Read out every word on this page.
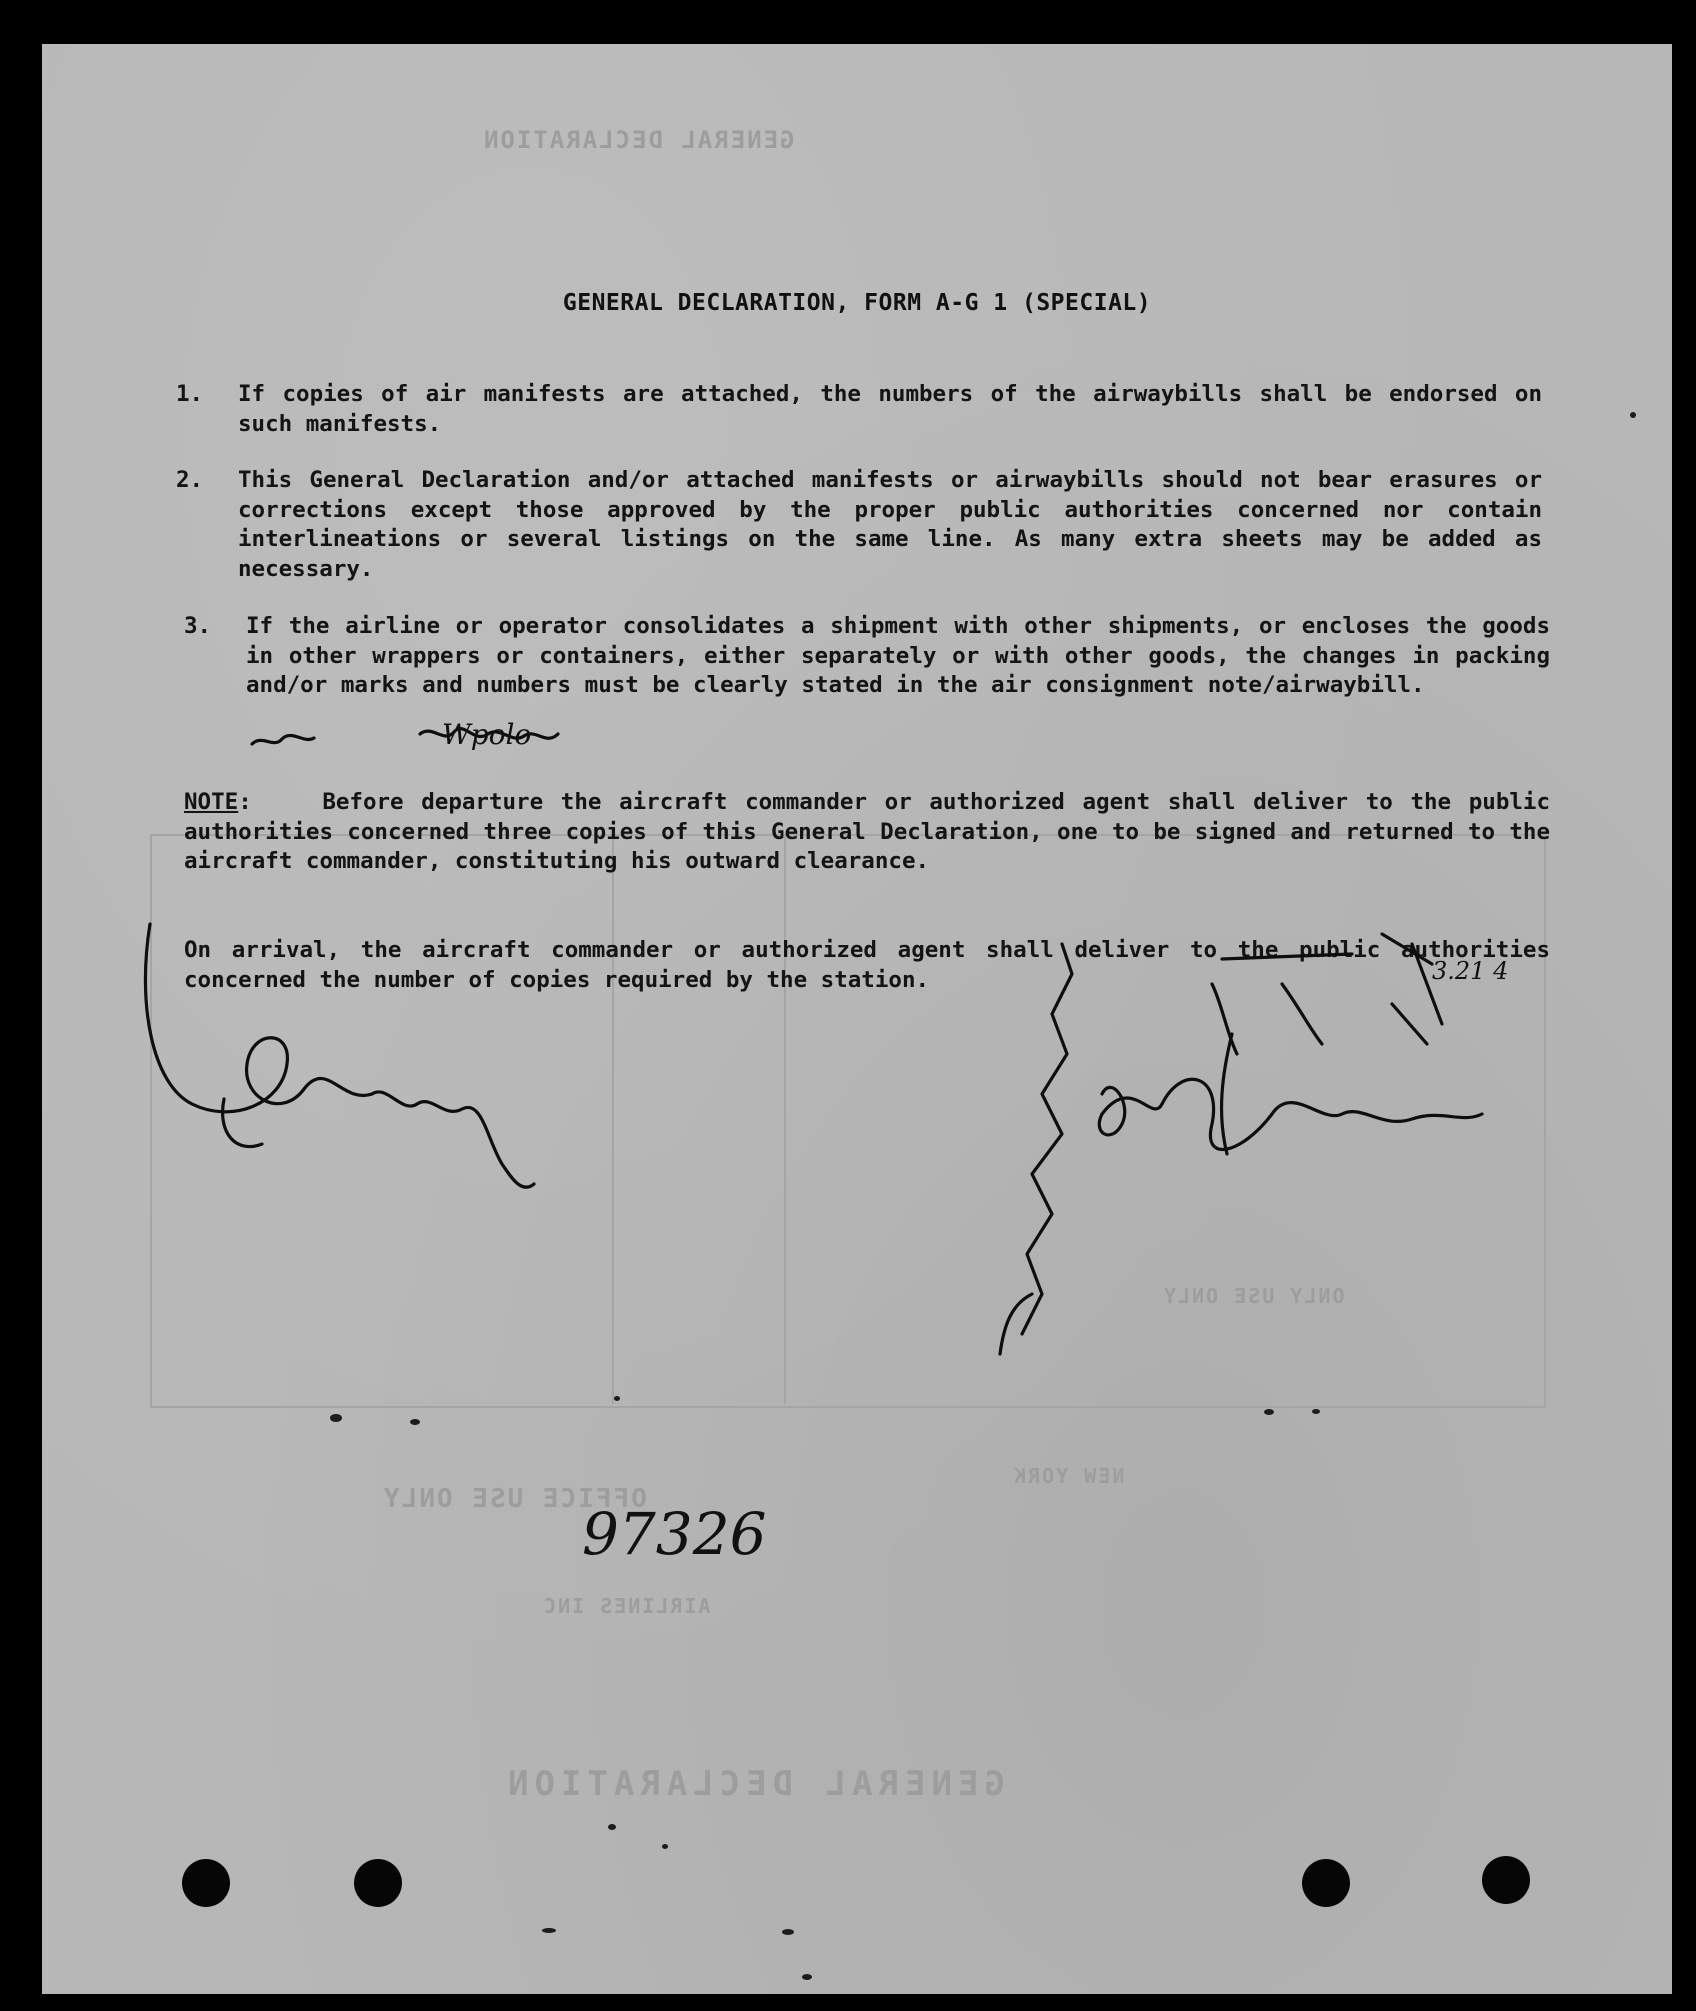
GENERAL DECLARATION
OFFICE USE ONLY
NEW YORK
AIRLINES INC
ONLY USE ONLY
GENERAL DECLARATION
GENERAL DECLARATION, FORM A-G 1 (SPECIAL)
1. If copies of air manifests are attached, the numbers of the airwaybills shall be endorsed on such manifests.
2. This General Declaration and/or attached manifests or airwaybills should not bear erasures or corrections except those approved by the proper public authorities concerned nor contain interlineations or several listings on the same line. As many extra sheets may be added as necessary.
3. If the airline or operator consolidates a shipment with other shipments, or encloses the goods in other wrappers or containers, either separately or with other goods, the changes in packing and/or marks and numbers must be clearly stated in the air consignment note/airwaybill.
NOTE:	Before departure the aircraft commander or authorized agent shall deliver to the public authorities concerned three copies of this General Declaration, one to be signed and returned to the aircraft commander, constituting his outward clearance.
On arrival, the aircraft commander or authorized agent shall deliver to the public authorities concerned the number of copies required by the station.
97326
Wpolo
3.21 4
